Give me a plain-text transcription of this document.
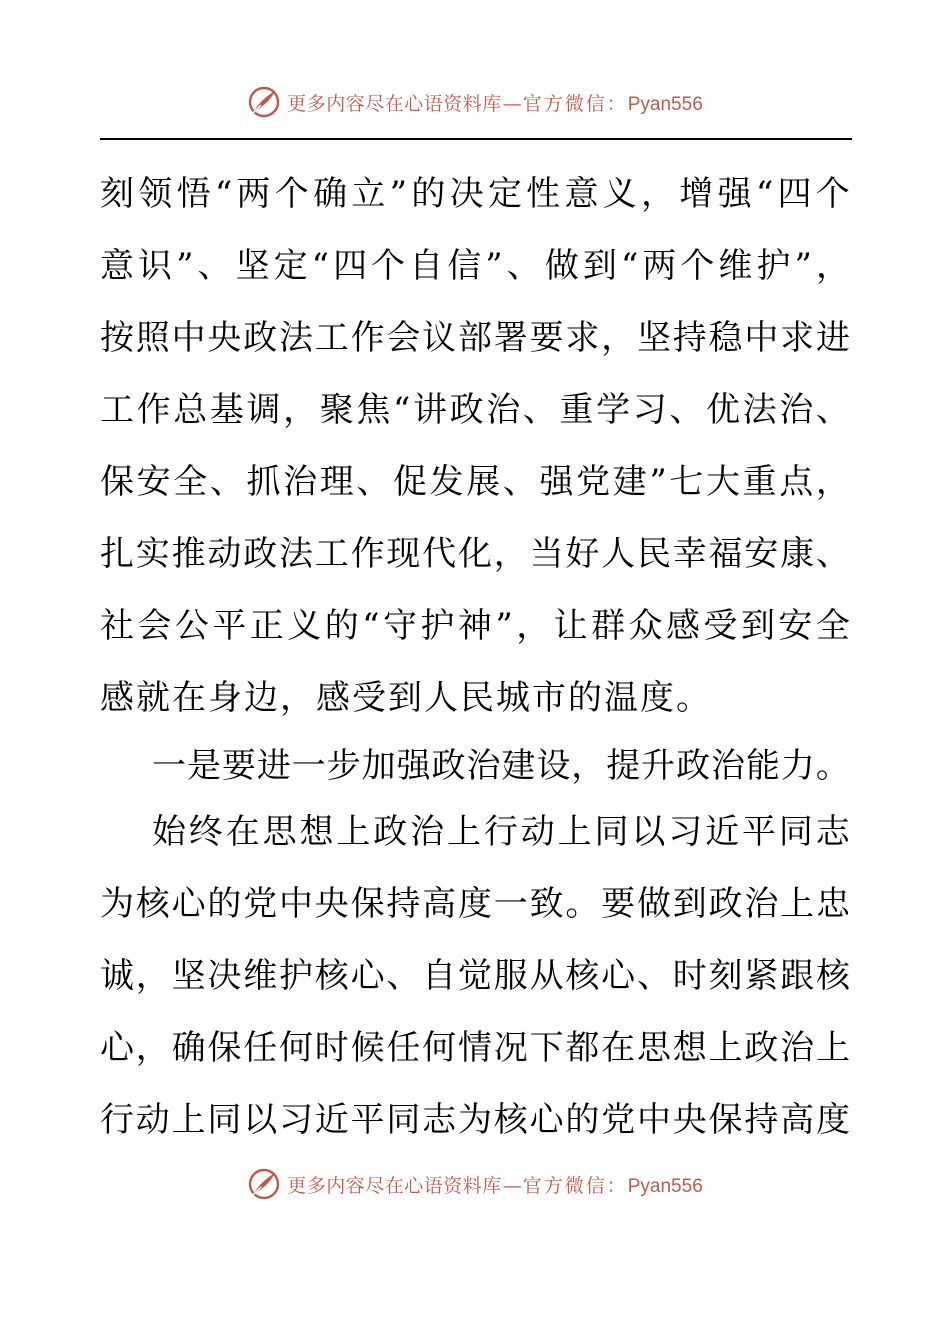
更多内容尽在心语资料库 — 官方微信： Pyan556
刻 领 悟 “ 两 个 确 立 ” 的 决 定 性 意 义 ， 增 强 “ 四 个
意 识 ” 、 坚 定 “ 四 个 自 信 ” 、 做 到 “ 两 个 维 护 ” ，
按 照 中 央 政 法 工 作 会 议 部 署 要 求 ， 坚 持 稳 中 求 进
工 作 总 基 调 ， 聚 焦 “ 讲 政 治 、 重 学 习 、 优 法 治 、
保 安 全 、 抓 治 理 、 促 发 展 、 强 党 建 ” 七 大 重 点 ，
扎 实 推 动 政 法 工 作 现 代 化 ， 当 好 人 民 幸 福 安 康 、
社 会 公 平 正 义 的 “ 守 护 神 ” ， 让 群 众 感 受 到 安 全
感就在身边，感受到人民城市的温度。
一 是 要 进 一 步 加 强 政 治 建 设 ， 提 升 政 治 能 力 。
始 终 在 思 想 上 政 治 上 行 动 上 同 以 习 近 平 同 志
为 核 心 的 党 中 央 保 持 高 度 一 致 。 要 做 到 政 治 上 忠
诚 ， 坚 决 维 护 核 心 、 自 觉 服 从 核 心 、 时 刻 紧 跟 核
心 ， 确 保 任 何 时 候 任 何 情 况 下 都 在 思 想 上 政 治 上
行 动 上 同 以 习 近 平 同 志 为 核 心 的 党 中 央 保 持 高 度
更多内容尽在心语资料库 — 官方微信： Pyan556
